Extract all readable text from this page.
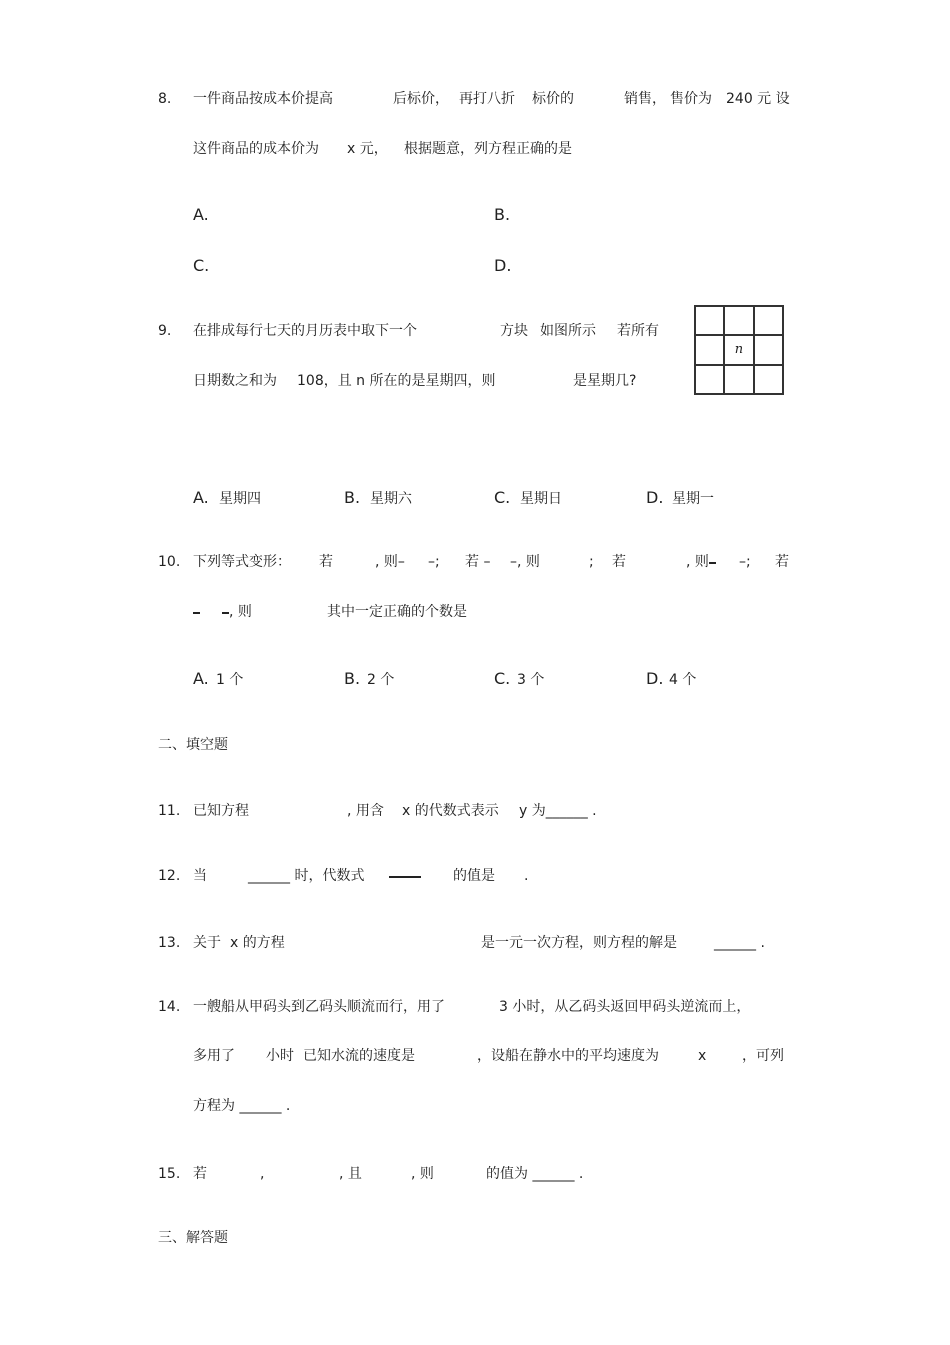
8. 一件商品按成本价提高	后标价， 再打八折 标价的	销售， 售价为 240 元 设
这件商品的成本价为 x 元， 根据题意，列方程正确的是
A.	B.
C.	D.
9. 在排成每行七天的月历表中取下一个	方块 如图所示 若所有
日期数之和为 108，且 n 所在的是星期四，则	是星期几?
n
A. 星期四	B. 星期六	C. 星期日	D. 星期一
10. 下列等式变形： 若	, 则– –; 若 – –, 则	; 若	, 则 –; 若
, 则	其中一定正确的个数是
A. 1 个	B. 2 个	C. 3 个	D. 4 个
二、填空题
11. 已知方程	, 用含 x 的代数式表示 y 为______ .
12. 当	______ 时，代数式	的值是 .
13. 关于 x 的方程	是一元一次方程，则方程的解是	______ .
14. 一艘船从甲码头到乙码头顺流而行，用了	3 小时，从乙码头返回甲码头逆流而上，
多用了 小时 已知水流的速度是	，设船在静水中的平均速度为	x	，可列
方程为 ______ .
15. 若	,	, 且	, 则	的值为 ______ .
三、解答题
